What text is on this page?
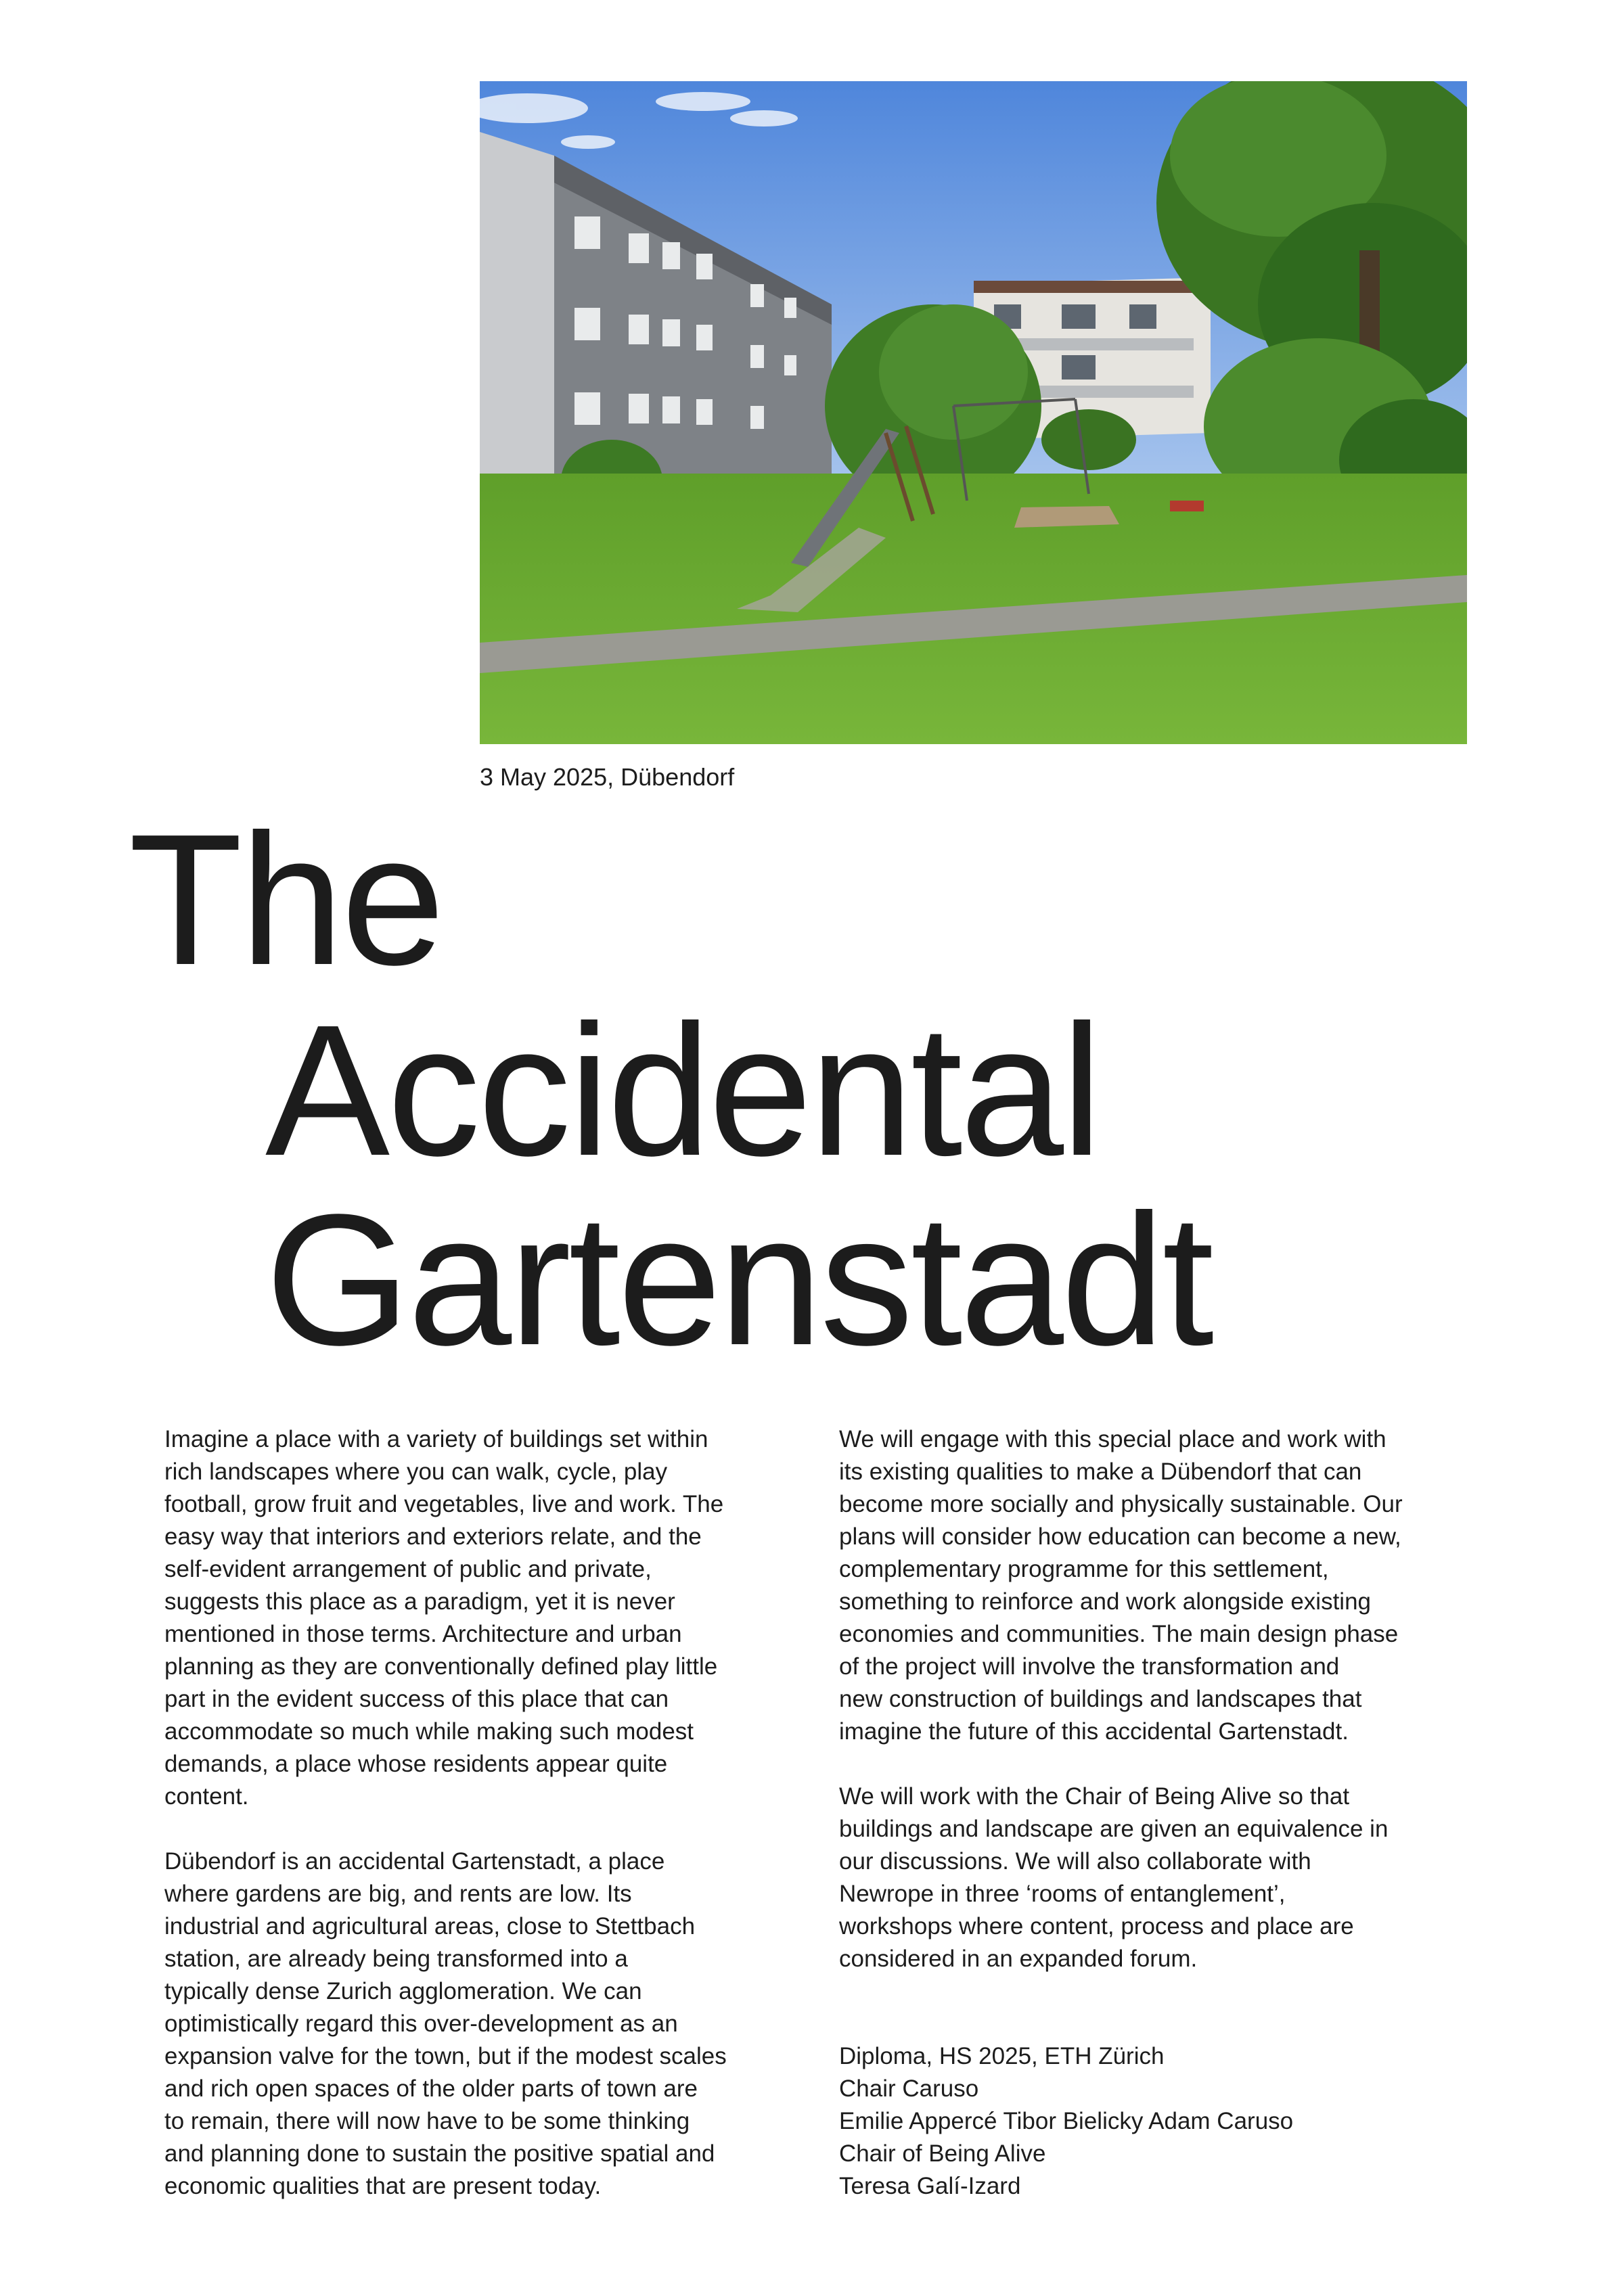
3 May 2025, Dübendorf
The
Accidental
Gartenstadt

Imagine a place with a variety of buildings set within
rich landscapes where you can walk, cycle, play
football, grow fruit and vegetables, live and work. The
easy way that interiors and exteriors relate, and the
self-evident arrangement of public and private,
suggests this place as a paradigm, yet it is never
mentioned in those terms. Architecture and urban
planning as they are conventionally defined play little
part in the evident success of this place that can
accommodate so much while making such modest
demands, a place whose residents appear quite
content.

Dübendorf is an accidental Gartenstadt, a place
where gardens are big, and rents are low. Its
industrial and agricultural areas, close to Stettbach
station, are already being transformed into a
typically dense Zurich agglomeration. We can
optimistically regard this over-development as an
expansion valve for the town, but if the modest scales
and rich open spaces of the older parts of town are
to remain, there will now have to be some thinking
and planning done to sustain the positive spatial and
economic qualities that are present today.

We will engage with this special place and work with
its existing qualities to make a Dübendorf that can
become more socially and physically sustainable. Our
plans will consider how education can become a new,
complementary programme for this settlement,
something to reinforce and work alongside existing
economies and communities. The main design phase
of the project will involve the transformation and
new construction of buildings and landscapes that
imagine the future of this accidental Gartenstadt.

We will work with the Chair of Being Alive so that
buildings and landscape are given an equivalence in
our discussions. We will also collaborate with
Newrope in three ‘rooms of entanglement’,
workshops where content, process and place are
considered in an expanded forum.

Diploma, HS 2025, ETH Zürich
Chair Caruso
Emilie Appercé Tibor Bielicky Adam Caruso
Chair of Being Alive
Teresa Galí-Izard
